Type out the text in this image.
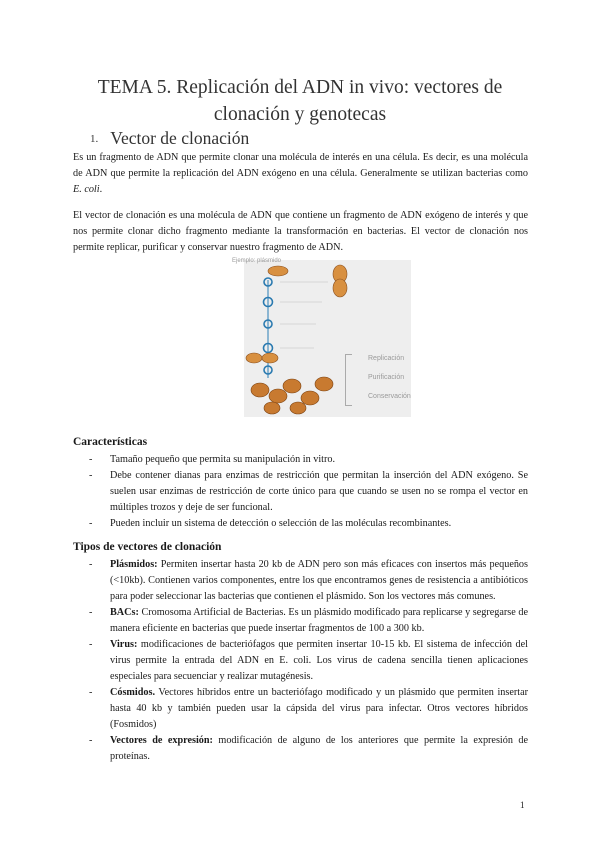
TEMA 5. Replicación del ADN in vivo: vectores de clonación y genotecas
1. Vector de clonación

Es un fragmento de ADN que permite clonar una molécula de interés en una célula. Es decir, es una molécula de ADN que permite la replicación del ADN exógeno en una célula. Generalmente se utilizan bacterias como E. coli.

El vector de clonación es una molécula de ADN que contiene un fragmento de ADN exógeno de interés y que nos permite clonar dicho fragmento mediante la transformación en bacterias. El vector de clonación nos permite replicar, purificar y conservar nuestro fragmento de ADN.

Ejemplo: plásmido
Replicación
Purificación
Conservación
Características
- Tamaño pequeño que permita su manipulación in vitro.
- Debe contener dianas para enzimas de restricción que permitan la inserción del ADN exógeno. Se suelen usar enzimas de restricción de corte único para que cuando se usen no se rompa el vector en múltiples trozos y deje de ser funcional.
- Pueden incluir un sistema de detección o selección de las moléculas recombinantes.
Tipos de vectores de clonación
- Plásmidos: Permiten insertar hasta 20 kb de ADN pero son más eficaces con insertos más pequeños (<10kb). Contienen varios componentes, entre los que encontramos genes de resistencia a antibióticos para poder seleccionar las bacterias que contienen el plásmido. Son los vectores más comunes.
- BACs: Cromosoma Artificial de Bacterias. Es un plásmido modificado para replicarse y segregarse de manera eficiente en bacterias que puede insertar fragmentos de 100 a 300 kb.
- Virus: modificaciones de bacteriófagos que permiten insertar 10-15 kb. El sistema de infección del virus permite la entrada del ADN en E. coli. Los virus de cadena sencilla tienen aplicaciones especiales para secuenciar y realizar mutagénesis.
- Cósmidos. Vectores híbridos entre un bacteriófago modificado y un plásmido que permiten insertar hasta 40 kb y también pueden usar la cápsida del virus para infectar. Otros vectores híbridos (Fosmidos)
- Vectores de expresión: modificación de alguno de los anteriores que permite la expresión de proteínas.
1
